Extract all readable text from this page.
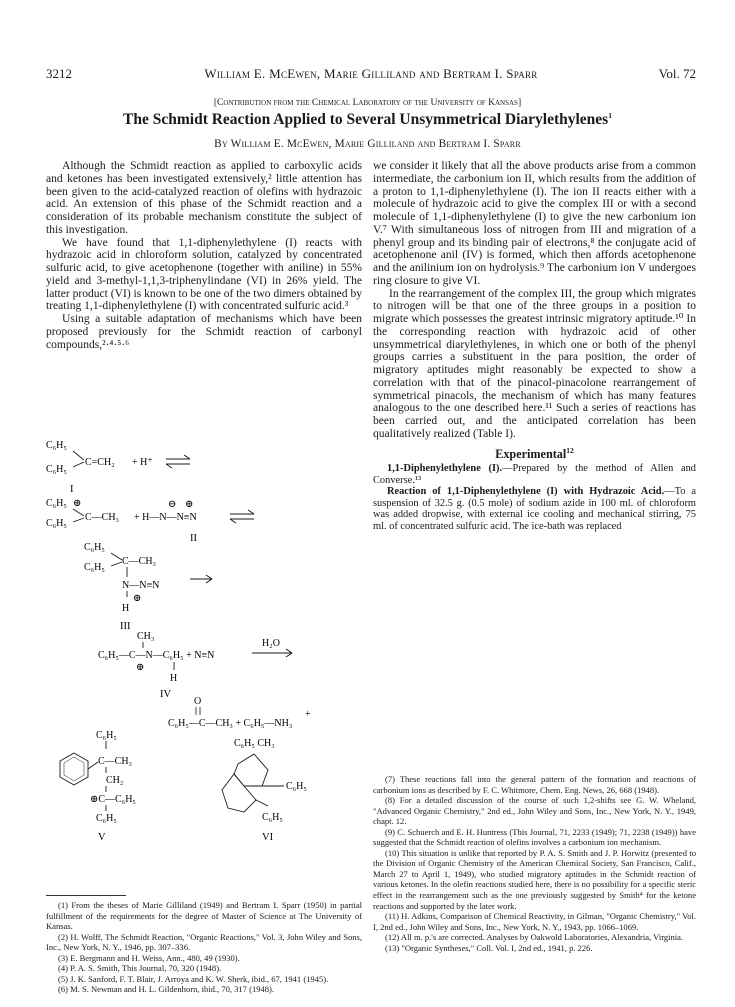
3212	William E. McEwen, Marie Gilliland and Bertram I. Sparr	Vol. 72
[Contribution from the Chemical Laboratory of the University of Kansas]
The Schmidt Reaction Applied to Several Unsymmetrical Diarylethylenes$^1$
By William E. McEwen, Marie Gilliland and Bertram I. Sparr

Although the Schmidt reaction as applied to carboxylic acids and ketones has been investigated extensively,² little attention has been given to the acid-catalyzed reaction of olefins with hydrazoic acid. An extension of this phase of the Schmidt reaction and a consideration of its probable mechanism constitute the subject of this investigation.

We have found that 1,1-diphenylethylene (I) reacts with hydrazoic acid in chloroform solution, catalyzed by concentrated sulfuric acid, to give acetophenone (together with aniline) in 55% yield and 3-methyl-1,1,3-triphenylindane (VI) in 26% yield. The latter product (VI) is known to be one of the two dimers obtained by treating 1,1-diphenylethylene (I) with concentrated sulfuric acid.³

Using a suitable adaptation of mechanisms which have been proposed previously for the Schmidt reaction of carbonyl compounds,²·⁴·⁵·⁶

C₆H₅
C₆H₅
C=CH₂ + H⁺
I
C₆H₅ ⊕
C₆H₅
C—CH₃ + H—N—N≡N
⊖ ⊕
II
C₆H₅
C₆H₅
C—CH₃
N—N≡N
⊕
H
III
CH₃
C₆H₅—C—N—C₆H₅ + N≡N
⊕
H
H₂O
IV
O
C₆H₅—C—CH₃ + C₆H₅—NH₃
+
C₆H₅
C—CH₃
CH₂
⊕C—C₆H₅
C₆H₅
V
C₆H₅ CH₃
C₆H₅
C₆H₅
VI

(1) From the theses of Marie Gilliland (1949) and Bertram I. Sparr (1950) in partial fulfillment of the requirements for the degree of Master of Science at The University of Kansas.

(2) H. Wolff, The Schmidt Reaction, "Organic Reactions," Vol. 3, John Wiley and Sons, Inc., New York, N. Y., 1946, pp. 307–336.

(3) E. Bergmann and H. Weiss, Ann., 480, 49 (1930).

(4) P. A. S. Smith, This Journal, 70, 320 (1948).

(5) J. K. Sanford, F. T. Blair, J. Arroya and K. W. Sherk, ibid., 67, 1941 (1945).

(6) M. S. Newman and H. L. Gildenhorn, ibid., 70, 317 (1948).

we consider it likely that all the above products arise from a common intermediate, the carbonium ion II, which results from the addition of a proton to 1,1-diphenylethylene (I). The ion II reacts either with a molecule of hydrazoic acid to give the complex III or with a second molecule of 1,1-diphenylethylene (I) to give the new carbonium ion V.⁷ With simultaneous loss of nitrogen from III and migration of a phenyl group and its binding pair of electrons,⁸ the conjugate acid of acetophenone anil (IV) is formed, which then affords acetophenone and the anilinium ion on hydrolysis.⁹ The carbonium ion V undergoes ring closure to give VI.

In the rearrangement of the complex III, the group which migrates to nitrogen will be that one of the three groups in a position to migrate which possesses the greatest intrinsic migratory aptitude.¹⁰ In the corresponding reaction with hydrazoic acid of other unsymmetrical diarylethylenes, in which one or both of the phenyl groups carries a substituent in the para position, the order of migratory aptitudes might reasonably be expected to show a correlation with that of the pinacol-pinacolone rearrangement of symmetrical pinacols, the mechanism of which has many features analogous to the one described here.¹¹ Such a series of reactions has been carried out, and the anticipated correlation has been qualitatively realized (Table I).

Experimental$^{12}$

1,1-Diphenylethylene (I).—Prepared by the method of Allen and Converse.¹³

Reaction of 1,1-Diphenylethylene (I) with Hydrazoic Acid.—To a suspension of 32.5 g. (0.5 mole) of sodium azide in 100 ml. of chloroform was added dropwise, with external ice cooling and mechanical stirring, 75 ml. of concentrated sulfuric acid. The ice-bath was replaced

(7) These reactions fall into the general pattern of the formation and reactions of carbonium ions as described by F. C. Whitmore, Chem. Eng. News, 26, 668 (1948).

(8) For a detailed discussion of the course of such 1,2-shifts see G. W. Wheland, "Advanced Organic Chemistry," 2nd ed., John Wiley and Sons, Inc., New York, N. Y., 1949, chapt. 12.

(9) C. Schuerch and E. H. Huntress (This Journal, 71, 2233 (1949); 71, 2238 (1949)) have suggested that the Schmidt reaction of olefins involves a carbonium ion mechanism.

(10) This situation is unlike that reported by P. A. S. Smith and J. P. Horwitz (presented to the Division of Organic Chemistry of the American Chemical Society, San Francisco, Calif., March 27 to April 1, 1949), who studied migratory aptitudes in the Schmidt reaction of various ketones. In the olefin reactions studied here, there is no possibility for a specific steric effect in the rearrangement such as the one previously suggested by Smith⁴ for the ketone reactions and supported by the later work.

(11) H. Adkins, Comparison of Chemical Reactivity, in Gilman, "Organic Chemistry," Vol. I, 2nd ed., John Wiley and Sons, Inc., New York, N. Y., 1943, pp. 1066–1069.

(12) All m. p.'s are corrected. Analyses by Oakwold Laboratories, Alexandria, Virginia.

(13) "Organic Syntheses," Coll. Vol. I, 2nd ed., 1941, p. 226.
